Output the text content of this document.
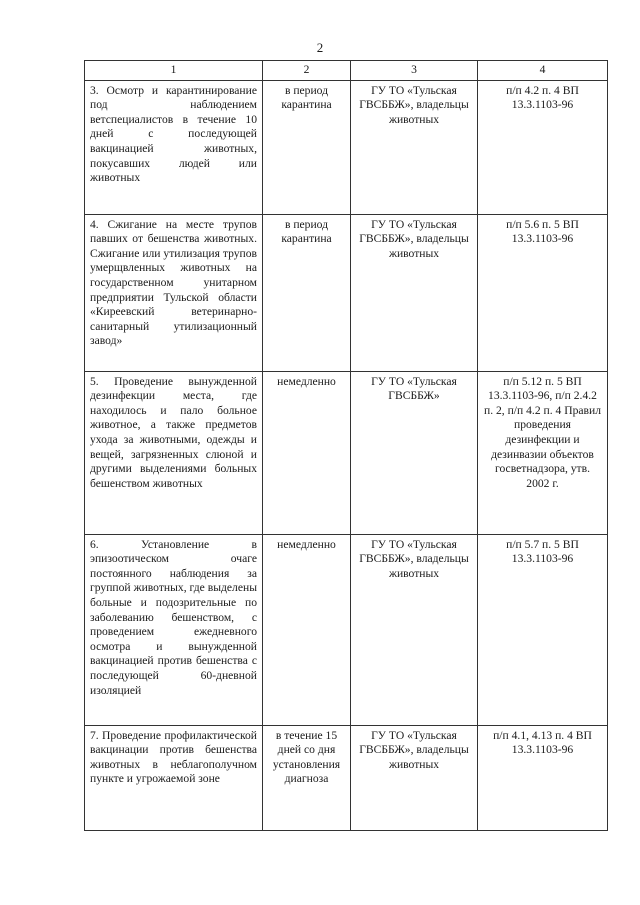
2
1	2	3	4
3. Осмотр и карантинирование под наблюдением ветспециалистов в течение 10 дней с последующей вакцинацией животных, покусавших людей или животных	в период карантина	ГУ ТО «Тульская ГВСББЖ», владельцы животных	п/п 4.2 п. 4 ВП 13.3.1103-96
4. Сжигание на месте трупов павших от бешенства животных. Сжигание или утилизация трупов умерщвленных животных на государственном унитарном предприятии Тульской области «Киреевский ветеринарно-санитарный утилизационный завод»	в период карантина	ГУ ТО «Тульская ГВСББЖ», владельцы животных	п/п 5.6 п. 5 ВП 13.3.1103-96
5. Проведение вынужденной дезинфекции места, где находилось и пало больное животное, а также предметов ухода за животными, одежды и вещей, загрязненных слюной и другими выделениями больных бешенством животных	немедленно	ГУ ТО «Тульская ГВСББЖ»	п/п 5.12 п. 5 ВП 13.3.1103-96, п/п 2.4.2 п. 2, п/п 4.2 п. 4 Правил проведения дезинфекции и дезинвазии объектов госветнадзора, утв. 2002 г.
6. Установление в эпизоотическом очаге постоянного наблюдения за группой животных, где выделены больные и подозрительные по заболеванию бешенством, с проведением ежедневного осмотра и вынужденной вакцинацией против бешенства с последующей 60-дневной изоляцией	немедленно	ГУ ТО «Тульская ГВСББЖ», владельцы животных	п/п 5.7 п. 5 ВП 13.3.1103-96
7. Проведение профилактической вакцинации против бешенства животных в неблагополучном пункте и угрожаемой зоне	в течение 15 дней со дня установления диагноза	ГУ ТО «Тульская ГВСББЖ», владельцы животных	п/п 4.1, 4.13 п. 4 ВП 13.3.1103-96
